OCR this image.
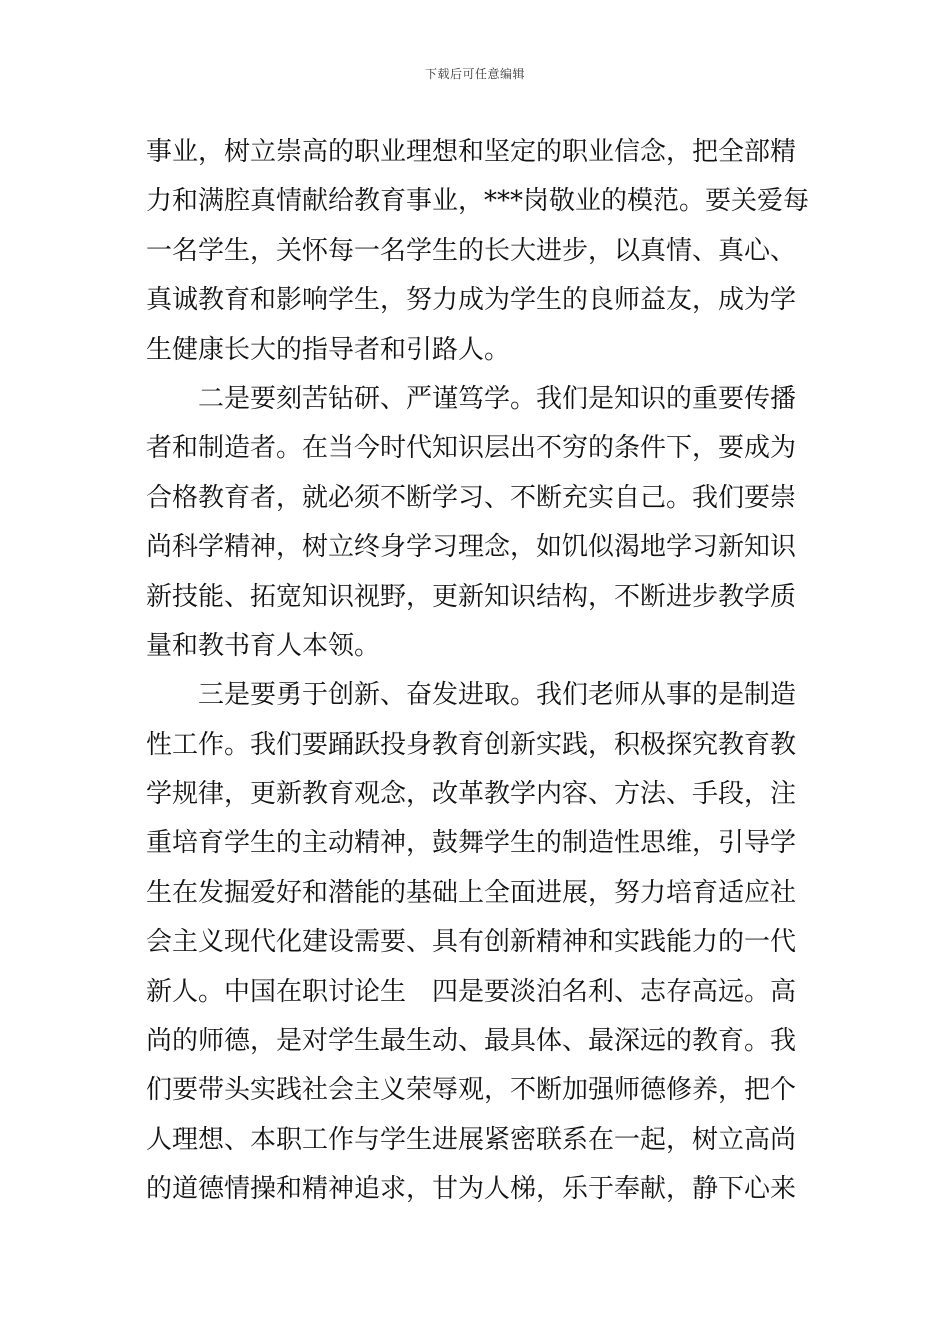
下载后可任意编辑
事业，树立崇高的职业理想和坚定的职业信念，把全部精
力和满腔真情献给教育事业，***岗敬业的模范。要关爱每
一名学生，关怀每一名学生的长大进步，以真情、真心、
真诚教育和影响学生，努力成为学生的良师益友，成为学
生健康长大的指导者和引路人。
二是要刻苦钻研、严谨笃学。我们是知识的重要传播
者和制造者。在当今时代知识层出不穷的条件下，要成为
合格教育者，就必须不断学习、不断充实自己。我们要崇
尚科学精神，树立终身学习理念，如饥似渴地学习新知识
新技能、拓宽知识视野，更新知识结构，不断进步教学质
量和教书育人本领。
三是要勇于创新、奋发进取。我们老师从事的是制造
性工作。我们要踊跃投身教育创新实践，积极探究教育教
学规律，更新教育观念，改革教学内容、方法、手段，注
重培育学生的主动精神，鼓舞学生的制造性思维，引导学
生在发掘爱好和潜能的基础上全面进展，努力培育适应社
会主义现代化建设需要、具有创新精神和实践能力的一代
新人。中国在职讨论生　四是要淡泊名利、志存高远。高
尚的师德，是对学生最生动、最具体、最深远的教育。我
们要带头实践社会主义荣辱观，不断加强师德修养，把个
人理想、本职工作与学生进展紧密联系在一起，树立高尚
的道德情操和精神追求，甘为人梯，乐于奉献，静下心来
